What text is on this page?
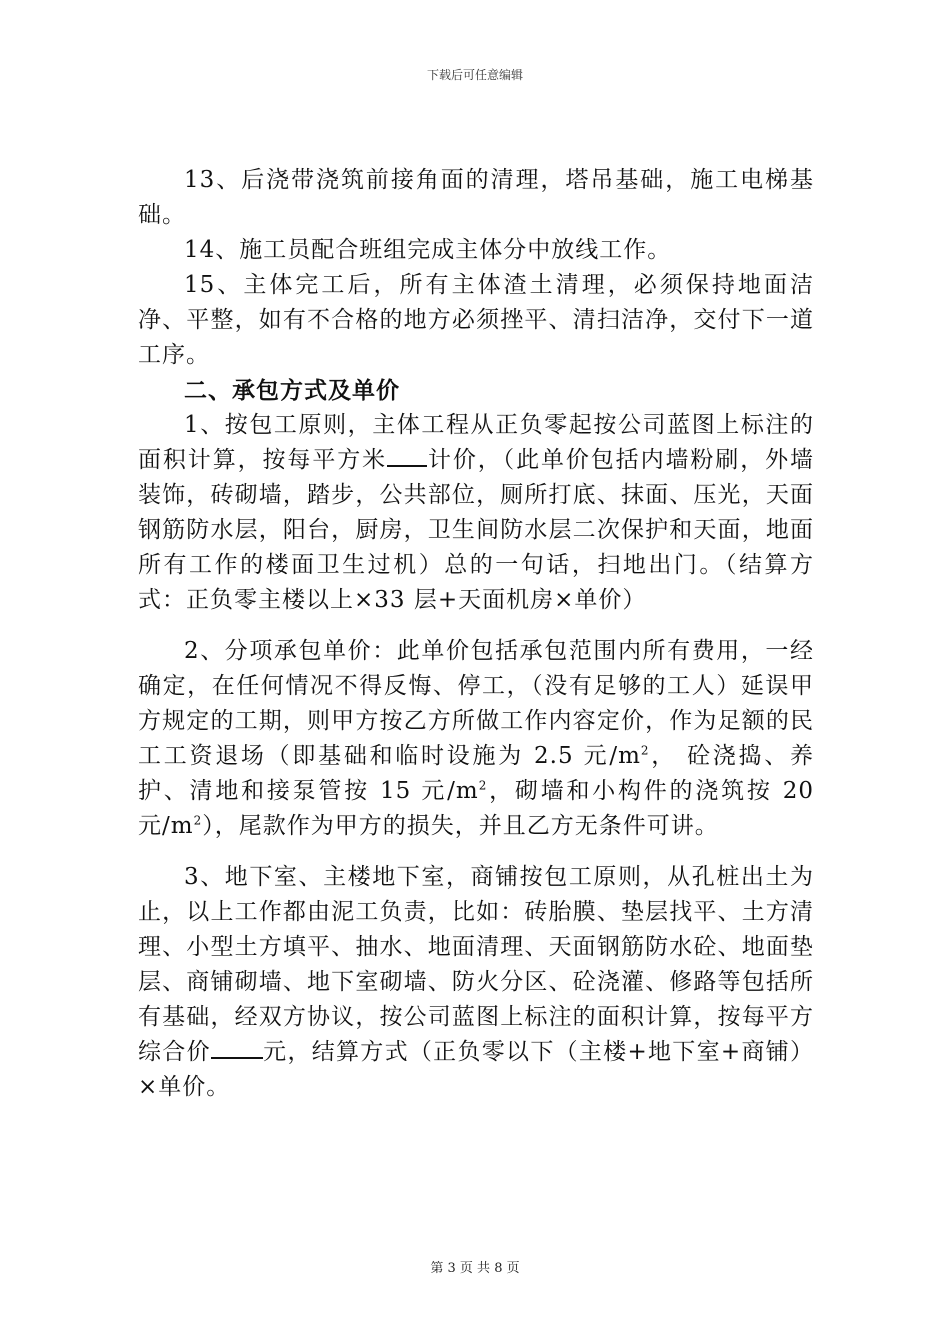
下载后可任意编辑

13、后浇带浇筑前接角面的清理，塔吊基础，施工电梯基础。

14、施工员配合班组完成主体分中放线工作。

15、主体完工后，所有主体渣土清理，必须保持地面洁净、平整，如有不合格的地方必须挫平、清扫洁净，交付下一道工序。

二、承包方式及单价

1、按包工原则，主体工程从正负零起按公司蓝图上标注的面积计算，按每平方米 计价，（此单价包括内墙粉刷，外墙装饰，砖砌墙，踏步，公共部位，厕所打底、抹面、压光，天面钢筋防水层，阳台，厨房，卫生间防水层二次保护和天面，地面所有工作的楼面卫生过机）总的一句话，扫地出门。（结算方式：正负零主楼以上×33 层+天面机房×单价）

2、分项承包单价：此单价包括承包范围内所有费用，一经确定，在任何情况不得反悔、停工，（没有足够的工人）延误甲方规定的工期，则甲方按乙方所做工作内容定价，作为足额的民工工资退场（即基础和临时设施为 2.5 元$/m^2$， 砼浇捣、养护、清地和接泵管按 15 元$/m^2$，砌墙和小构件的浇筑按 20 元$/m^2$），尾款作为甲方的损失，并且乙方无条件可讲。

3、地下室、主楼地下室，商铺按包工原则，从孔桩出土为止，以上工作都由泥工负责，比如：砖胎膜、垫层找平、土方清理、小型土方填平、抽水、地面清理、天面钢筋防水砼、地面垫层、商铺砌墙、地下室砌墙、防火分区、砼浇灌、修路等包括所有基础，经双方协议，按公司蓝图上标注的面积计算，按每平方综合价 元，结算方式（正负零以下（主楼+地下室+商铺）×单价。

第 3 页 共 8 页
